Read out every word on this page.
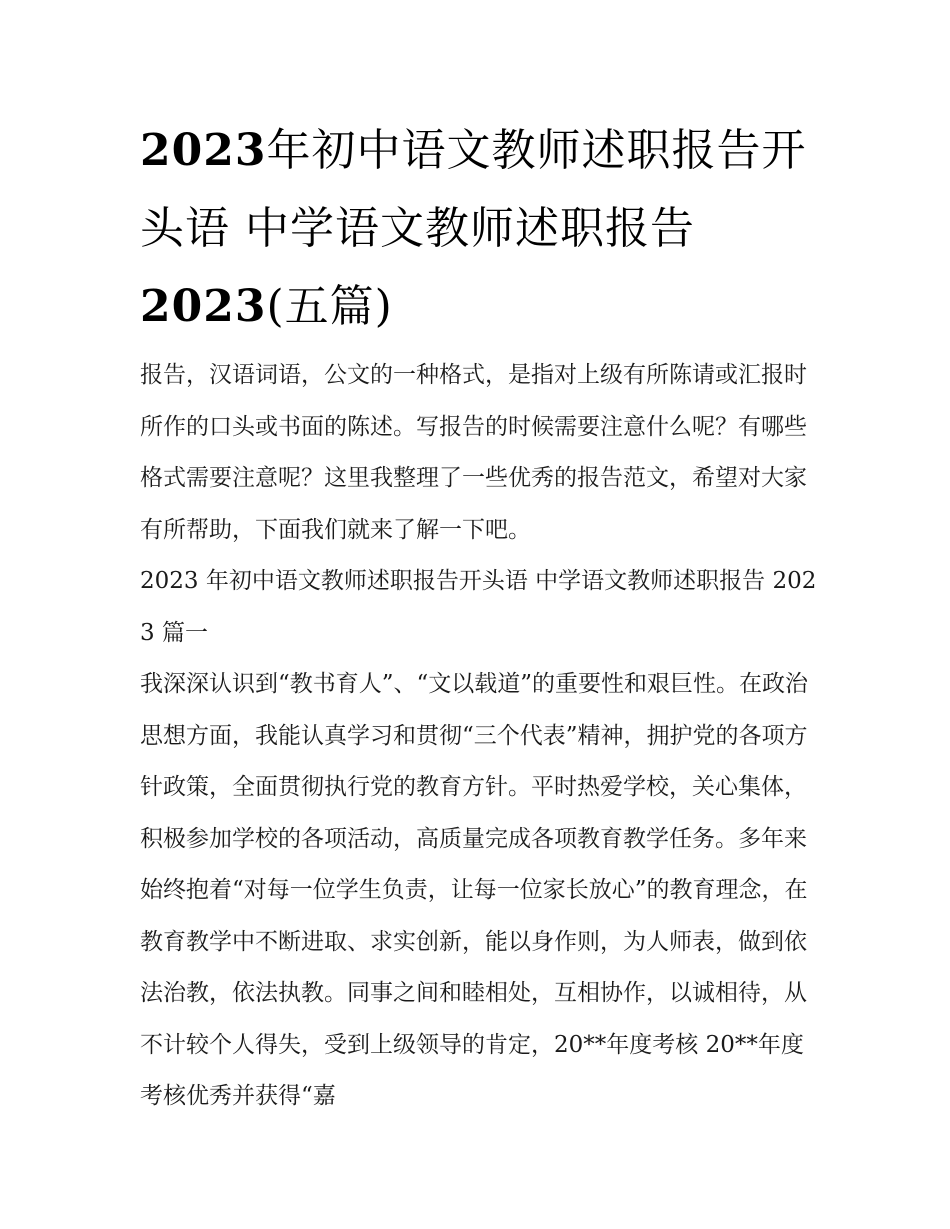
2023年初中语文教师述职报告开头语 中学语文教师述职报告
2023(五篇)

报告，汉语词语，公文的一种格式，是指对上级有所陈请或汇报时所作的口头或书面的陈述。写报告的时候需要注意什么呢？有哪些格式需要注意呢？这里我整理了一些优秀的报告范文，希望对大家有所帮助，下面我们就来了解一下吧。

2023 年初中语文教师述职报告开头语 中学语文教师述职报告 2023 篇一

我深深认识到“教书育人”、“文以载道”的重要性和艰巨性。在政治思想方面，我能认真学习和贯彻“三个代表”精神，拥护党的各项方针政策，全面贯彻执行党的教育方针。平时热爱学校，关心集体，积极参加学校的各项活动，高质量完成各项教育教学任务。多年来始终抱着“对每一位学生负责，让每一位家长放心”的教育理念，在教育教学中不断进取、求实创新，能以身作则，为人师表，做到依法治教，依法执教。同事之间和睦相处，互相协作，以诚相待，从不计较个人得失，受到上级领导的肯定，20**年度考核 20**年度考核优秀并获得“嘉
